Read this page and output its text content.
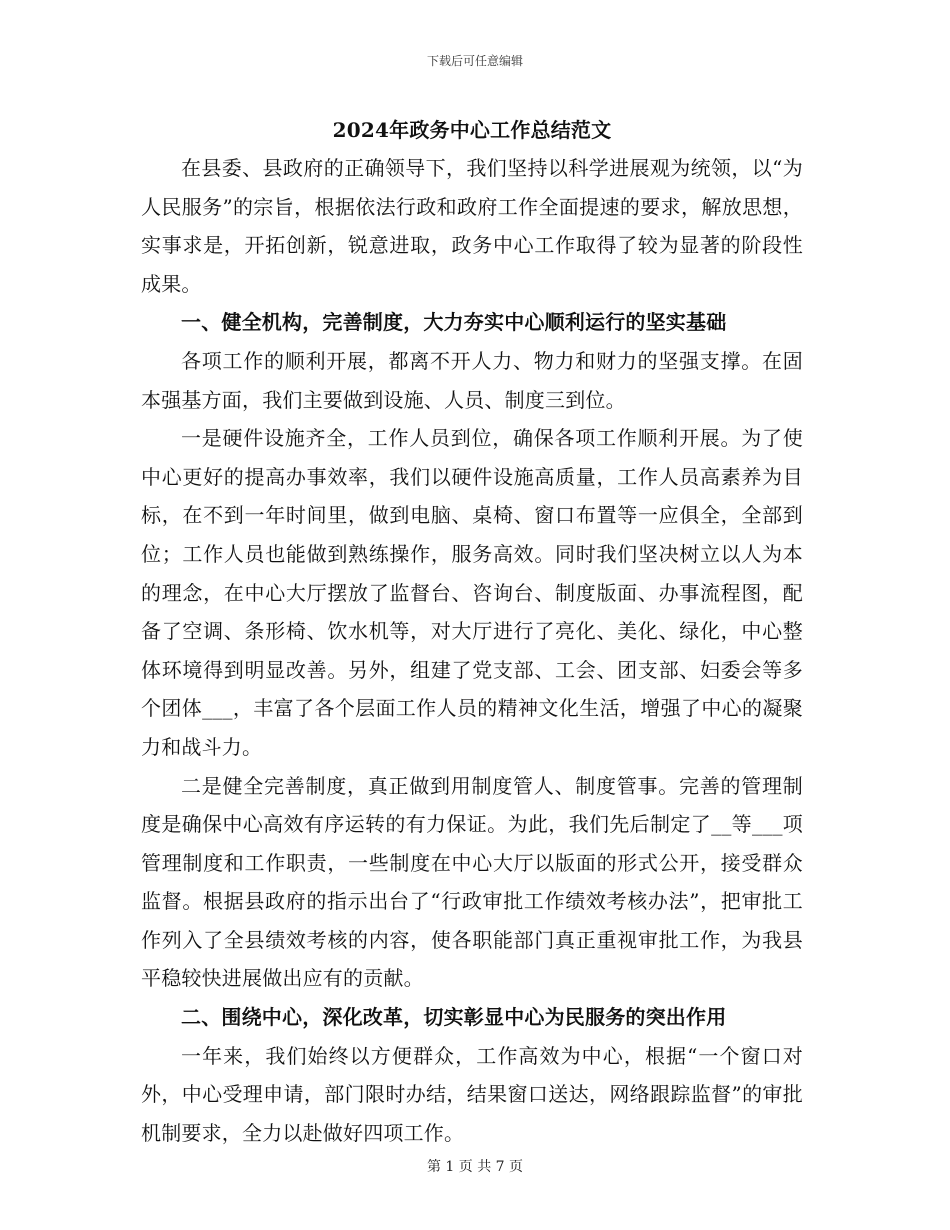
下载后可任意编辑
2024年政务中心工作总结范文

在县委、县政府的正确领导下，我们坚持以科学进展观为统领，以“为人民服务”的宗旨，根据依法行政和政府工作全面提速的要求，解放思想，实事求是，开拓创新，锐意进取，政务中心工作取得了较为显著的阶段性成果。

一、健全机构，完善制度，大力夯实中心顺利运行的坚实基础

各项工作的顺利开展，都离不开人力、物力和财力的坚强支撑。在固本强基方面，我们主要做到设施、人员、制度三到位。

一是硬件设施齐全，工作人员到位，确保各项工作顺利开展。为了使中心更好的提高办事效率，我们以硬件设施高质量，工作人员高素养为目标，在不到一年时间里，做到电脑、桌椅、窗口布置等一应俱全，全部到位；工作人员也能做到熟练操作，服务高效。同时我们坚决树立以人为本的理念，在中心大厅摆放了监督台、咨询台、制度版面、办事流程图，配备了空调、条形椅、饮水机等，对大厅进行了亮化、美化、绿化，中心整体环境得到明显改善。另外，组建了党支部、工会、团支部、妇委会等多个团体___，丰富了各个层面工作人员的精神文化生活，增强了中心的凝聚力和战斗力。

二是健全完善制度，真正做到用制度管人、制度管事。完善的管理制度是确保中心高效有序运转的有力保证。为此，我们先后制定了__等___项管理制度和工作职责，一些制度在中心大厅以版面的形式公开，接受群众监督。根据县政府的指示出台了“行政审批工作绩效考核办法”，把审批工作列入了全县绩效考核的内容，使各职能部门真正重视审批工作，为我县平稳较快进展做出应有的贡献。

二、围绕中心，深化改革，切实彰显中心为民服务的突出作用

一年来，我们始终以方便群众，工作高效为中心，根据“一个窗口对外，中心受理申请，部门限时办结，结果窗口送达，网络跟踪监督”的审批机制要求，全力以赴做好四项工作。

第 1 页 共 7 页
